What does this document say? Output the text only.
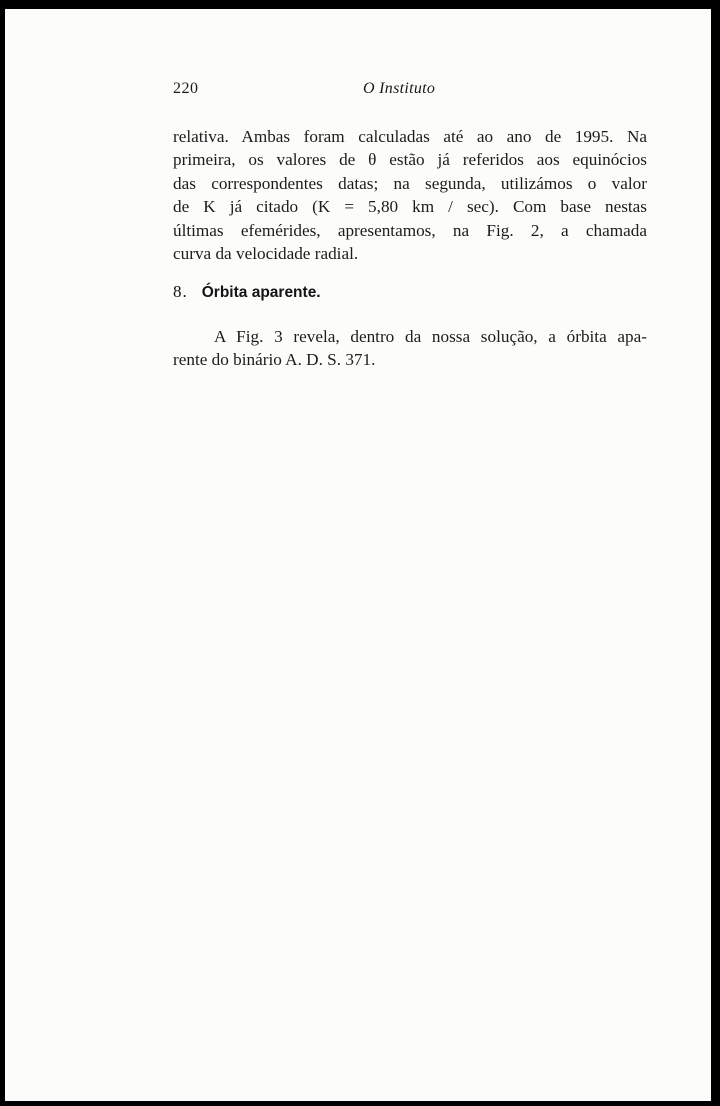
220	O Instituto

relativa. Ambas foram calculadas até ao ano de 1995. Na
primeira, os valores de θ estão já referidos aos equinócios
das correspondentes datas; na segunda, utilizámos o valor
de K já citado (K = 5,80 km / sec). Com base nestas
últimas efemérides, apresentamos, na Fig. 2, a chamada
curva da velocidade radial.

8. Órbita aparente.

A Fig. 3 revela, dentro da nossa solução, a órbita apa-
rente do binário A. D. S. 371.
